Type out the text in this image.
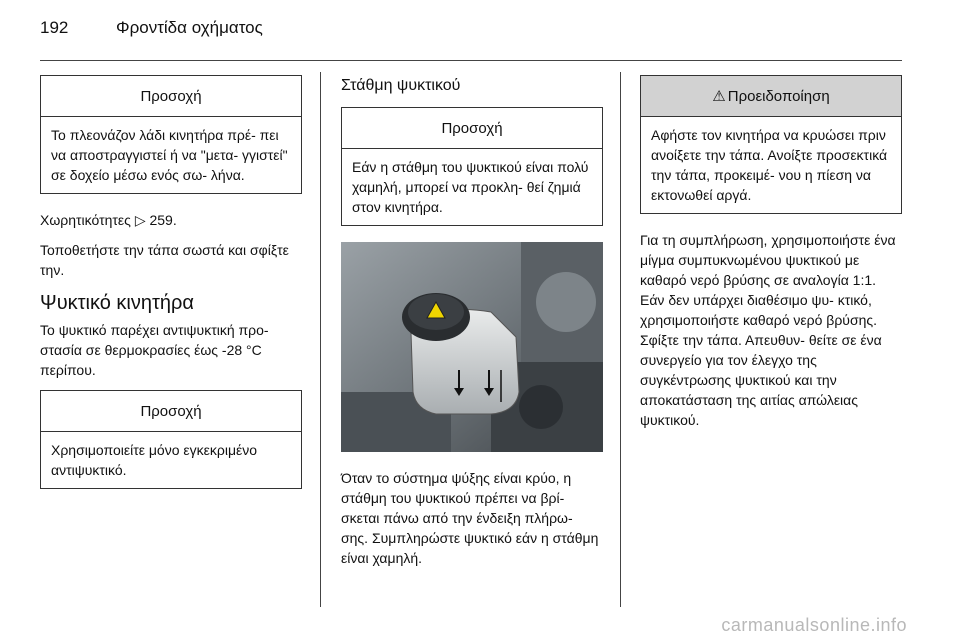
192	Φροντίδα οχήματος
Προσοχή
Το πλεονάζον λάδι κινητήρα πρέ- πει να αποστραγγιστεί ή να "μετα- γγιστεί" σε δοχείο μέσω ενός σω- λήνα.

Χωρητικότητες ▷ 259.

Τοποθετήστε την τάπα σωστά και σφίξτε την.

Ψυκτικό κινητήρα

Το ψυκτικό παρέχει αντιψυκτική προ- στασία σε θερμοκρασίες έως -28 °C περίπου.

Προσοχή
Χρησιμοποιείτε μόνο εγκεκριμένο αντιψυκτικό.
Στάθμη ψυκτικού
Προσοχή
Εάν η στάθμη του ψυκτικού είναι πολύ χαμηλή, μπορεί να προκλη- θεί ζημιά στον κινητήρα.

Όταν το σύστημα ψύξης είναι κρύο, η στάθμη του ψυκτικού πρέπει να βρί- σκεται πάνω από την ένδειξη πλήρω- σης. Συμπληρώστε ψυκτικό εάν η στάθμη είναι χαμηλή.

⚠ Προειδοποίηση
Αφήστε τον κινητήρα να κρυώσει πριν ανοίξετε την τάπα. Ανοίξτε προσεκτικά την τάπα, προκειμέ- νου η πίεση να εκτονωθεί αργά.

Για τη συμπλήρωση, χρησιμοποιήστε ένα μίγμα συμπυκνωμένου ψυκτικού με καθαρό νερό βρύσης σε αναλογία 1:1. Εάν δεν υπάρχει διαθέσιμο ψυ- κτικό, χρησιμοποιήστε καθαρό νερό βρύσης. Σφίξτε την τάπα. Απευθυν- θείτε σε ένα συνεργείο για τον έλεγχο της συγκέντρωσης ψυκτικού και την αποκατάσταση της αιτίας απώλειας ψυκτικού.

carmanualsonline.info
